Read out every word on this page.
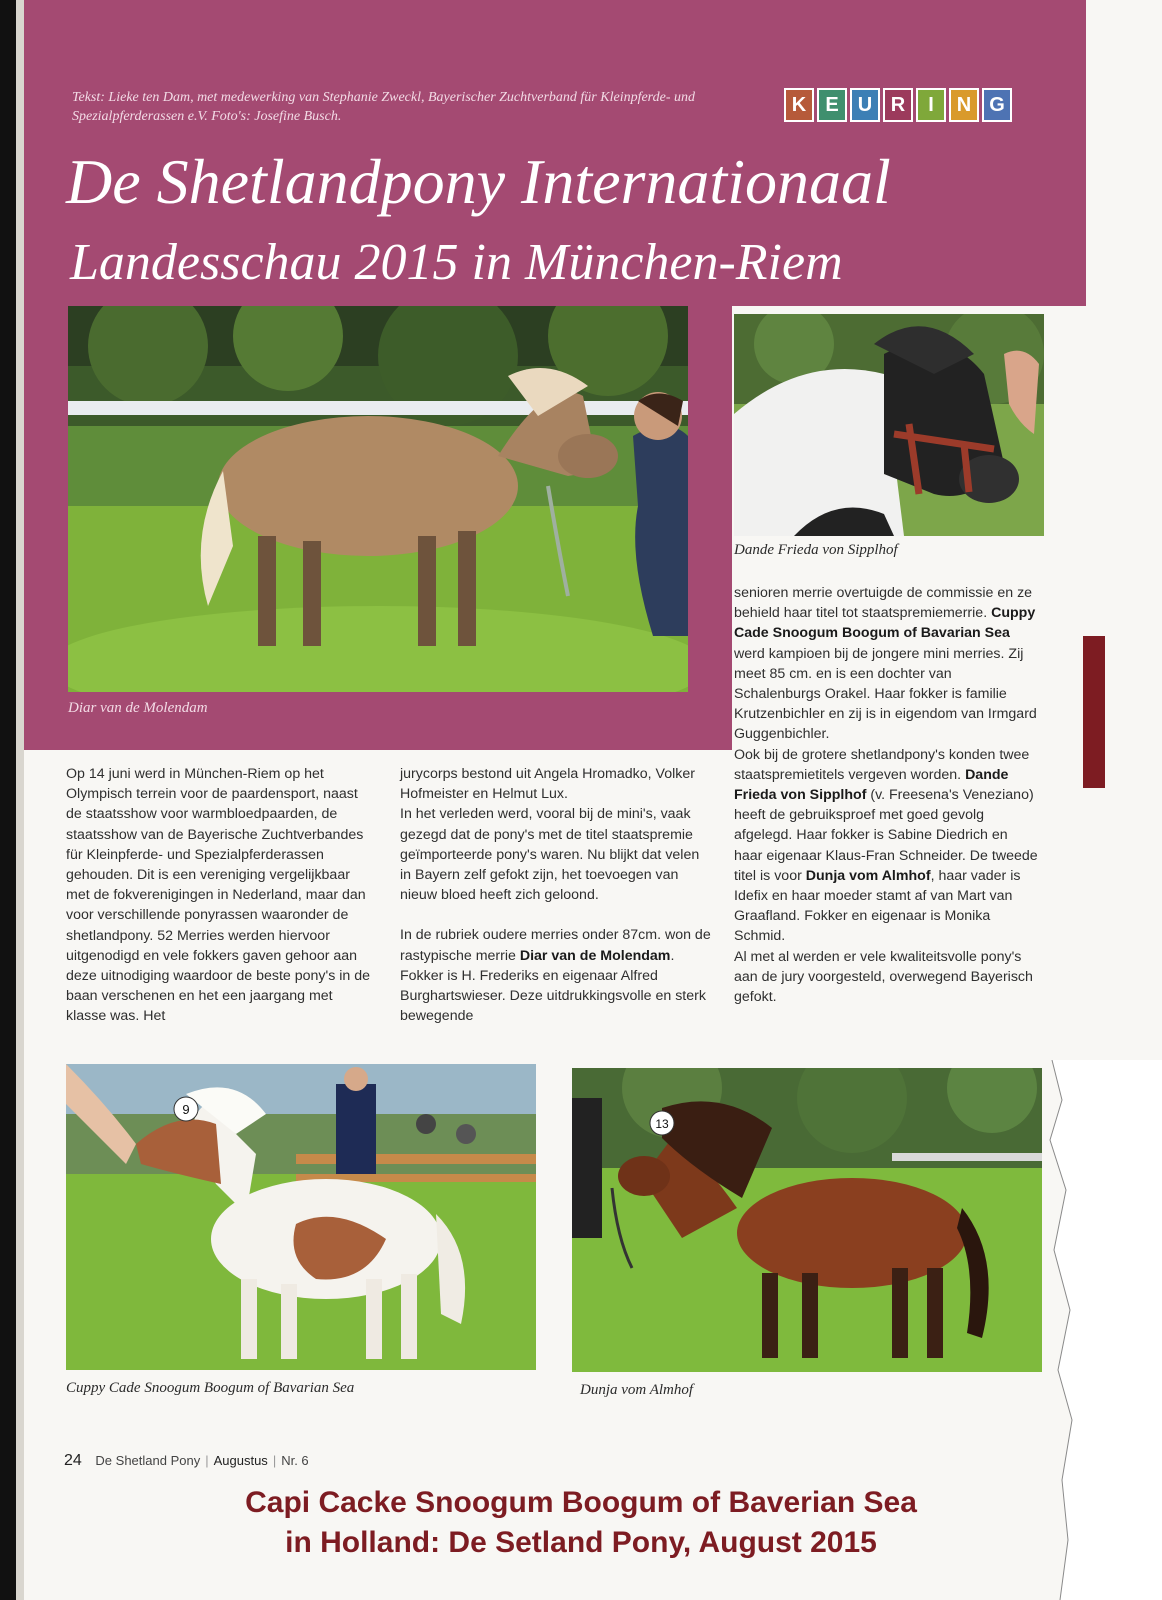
Tekst: Lieke ten Dam, met medewerking van Stephanie Zweckl, Bayerischer Zuchtverband für Kleinpferde- und Spezialpferderassen e.V. Foto's: Josefine Busch.
K E U R	I	N G
De Shetlandpony Internationaal
Landesschau 2015 in München-Riem
Diar van de Molendam
Dande Frieda von Sipplhof

senioren merrie overtuigde de commissie en ze behield haar titel tot staatspremiemerrie. Cuppy Cade Snoogum Boogum of Bavarian Sea werd kampioen bij de jongere mini merries. Zij meet 85 cm. en is een dochter van Schalenburgs Orakel. Haar fokker is familie Krutzenbichler en zij is in eigendom van Irmgard Guggenbichler.

Ook bij de grotere shetlandpony's konden twee staatspremietitels vergeven worden. Dande Frieda von Sipplhof (v. Freesena's Veneziano) heeft de gebruiksproef met goed gevolg afgelegd. Haar fokker is Sabine Diedrich en haar eigenaar Klaus-Fran Schneider. De tweede titel is voor Dunja vom Almhof, haar vader is Idefix en haar moeder stamt af van Mart van Graafland. Fokker en eigenaar is Monika Schmid.

Al met al werden er vele kwaliteitsvolle pony's aan de jury voorgesteld, overwegend Bayerisch gefokt.

Op 14 juni werd in München-Riem op het Olympisch terrein voor de paardensport, naast de staatsshow voor warmbloedpaarden, de staatsshow van de Bayerische Zuchtverbandes für Kleinpferde- und Spezialpferderassen gehouden. Dit is een vereniging vergelijkbaar met de fokverenigingen in Nederland, maar dan voor verschillende ponyrassen waaronder de shetlandpony. 52 Merries werden hiervoor uitgenodigd en vele fokkers gaven gehoor aan deze uitnodiging waardoor de beste pony's in de baan verschenen en het een jaargang met klasse was. Het

jurycorps bestond uit Angela Hromadko, Volker Hofmeister en Helmut Lux.

In het verleden werd, vooral bij de mini's, vaak gezegd dat de pony's met de titel staatspremie geïmporteerde pony's waren. Nu blijkt dat velen in Bayern zelf gefokt zijn, het toevoegen van nieuw bloed heeft zich geloond.

In de rubriek oudere merries onder 87cm. won de rastypische merrie Diar van de Molendam. Fokker is H. Frederiks en eigenaar Alfred Burghartswieser. Deze uitdrukkingsvolle en sterk bewegende

9
Cuppy Cade Snoogum Boogum of Bavarian Sea
13
Dunja vom Almhof
24 De Shetland Pony | Augustus | Nr. 6
Capi Cacke Snoogum Boogum of Baverian Sea
in Holland: De Setland Pony, August 2015
